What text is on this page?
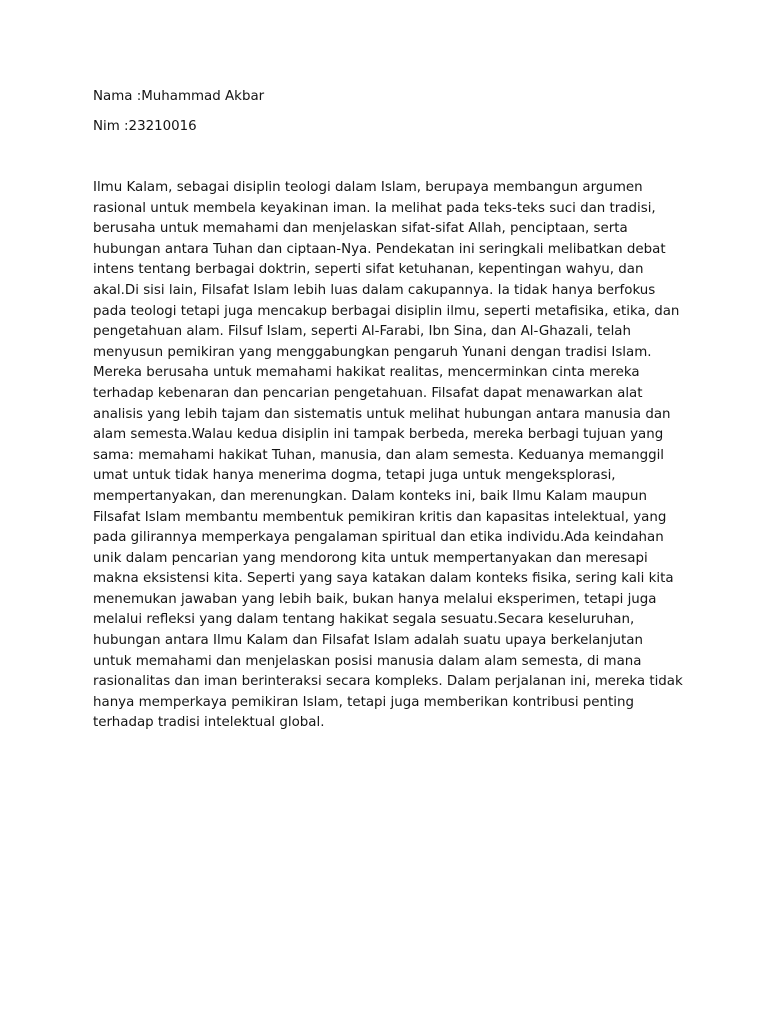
Nama :Muhammad Akbar

Nim :23210016

Ilmu Kalam, sebagai disiplin teologi dalam Islam, berupaya membangun argumen
rasional untuk membela keyakinan iman. Ia melihat pada teks-teks suci dan tradisi,
berusaha untuk memahami dan menjelaskan sifat-sifat Allah, penciptaan, serta
hubungan antara Tuhan dan ciptaan-Nya. Pendekatan ini seringkali melibatkan debat
intens tentang berbagai doktrin, seperti sifat ketuhanan, kepentingan wahyu, dan
akal.Di sisi lain, Filsafat Islam lebih luas dalam cakupannya. Ia tidak hanya berfokus
pada teologi tetapi juga mencakup berbagai disiplin ilmu, seperti metafisika, etika, dan
pengetahuan alam. Filsuf Islam, seperti Al-Farabi, Ibn Sina, dan Al-Ghazali, telah
menyusun pemikiran yang menggabungkan pengaruh Yunani dengan tradisi Islam.
Mereka berusaha untuk memahami hakikat realitas, mencerminkan cinta mereka
terhadap kebenaran dan pencarian pengetahuan. Filsafat dapat menawarkan alat
analisis yang lebih tajam dan sistematis untuk melihat hubungan antara manusia dan
alam semesta.Walau kedua disiplin ini tampak berbeda, mereka berbagi tujuan yang
sama: memahami hakikat Tuhan, manusia, dan alam semesta. Keduanya memanggil
umat untuk tidak hanya menerima dogma, tetapi juga untuk mengeksplorasi,
mempertanyakan, dan merenungkan. Dalam konteks ini, baik Ilmu Kalam maupun
Filsafat Islam membantu membentuk pemikiran kritis dan kapasitas intelektual, yang
pada gilirannya memperkaya pengalaman spiritual dan etika individu.Ada keindahan
unik dalam pencarian yang mendorong kita untuk mempertanyakan dan meresapi
makna eksistensi kita. Seperti yang saya katakan dalam konteks fisika, sering kali kita
menemukan jawaban yang lebih baik, bukan hanya melalui eksperimen, tetapi juga
melalui refleksi yang dalam tentang hakikat segala sesuatu.Secara keseluruhan,
hubungan antara Ilmu Kalam dan Filsafat Islam adalah suatu upaya berkelanjutan
untuk memahami dan menjelaskan posisi manusia dalam alam semesta, di mana
rasionalitas dan iman berinteraksi secara kompleks. Dalam perjalanan ini, mereka tidak
hanya memperkaya pemikiran Islam, tetapi juga memberikan kontribusi penting
terhadap tradisi intelektual global.
